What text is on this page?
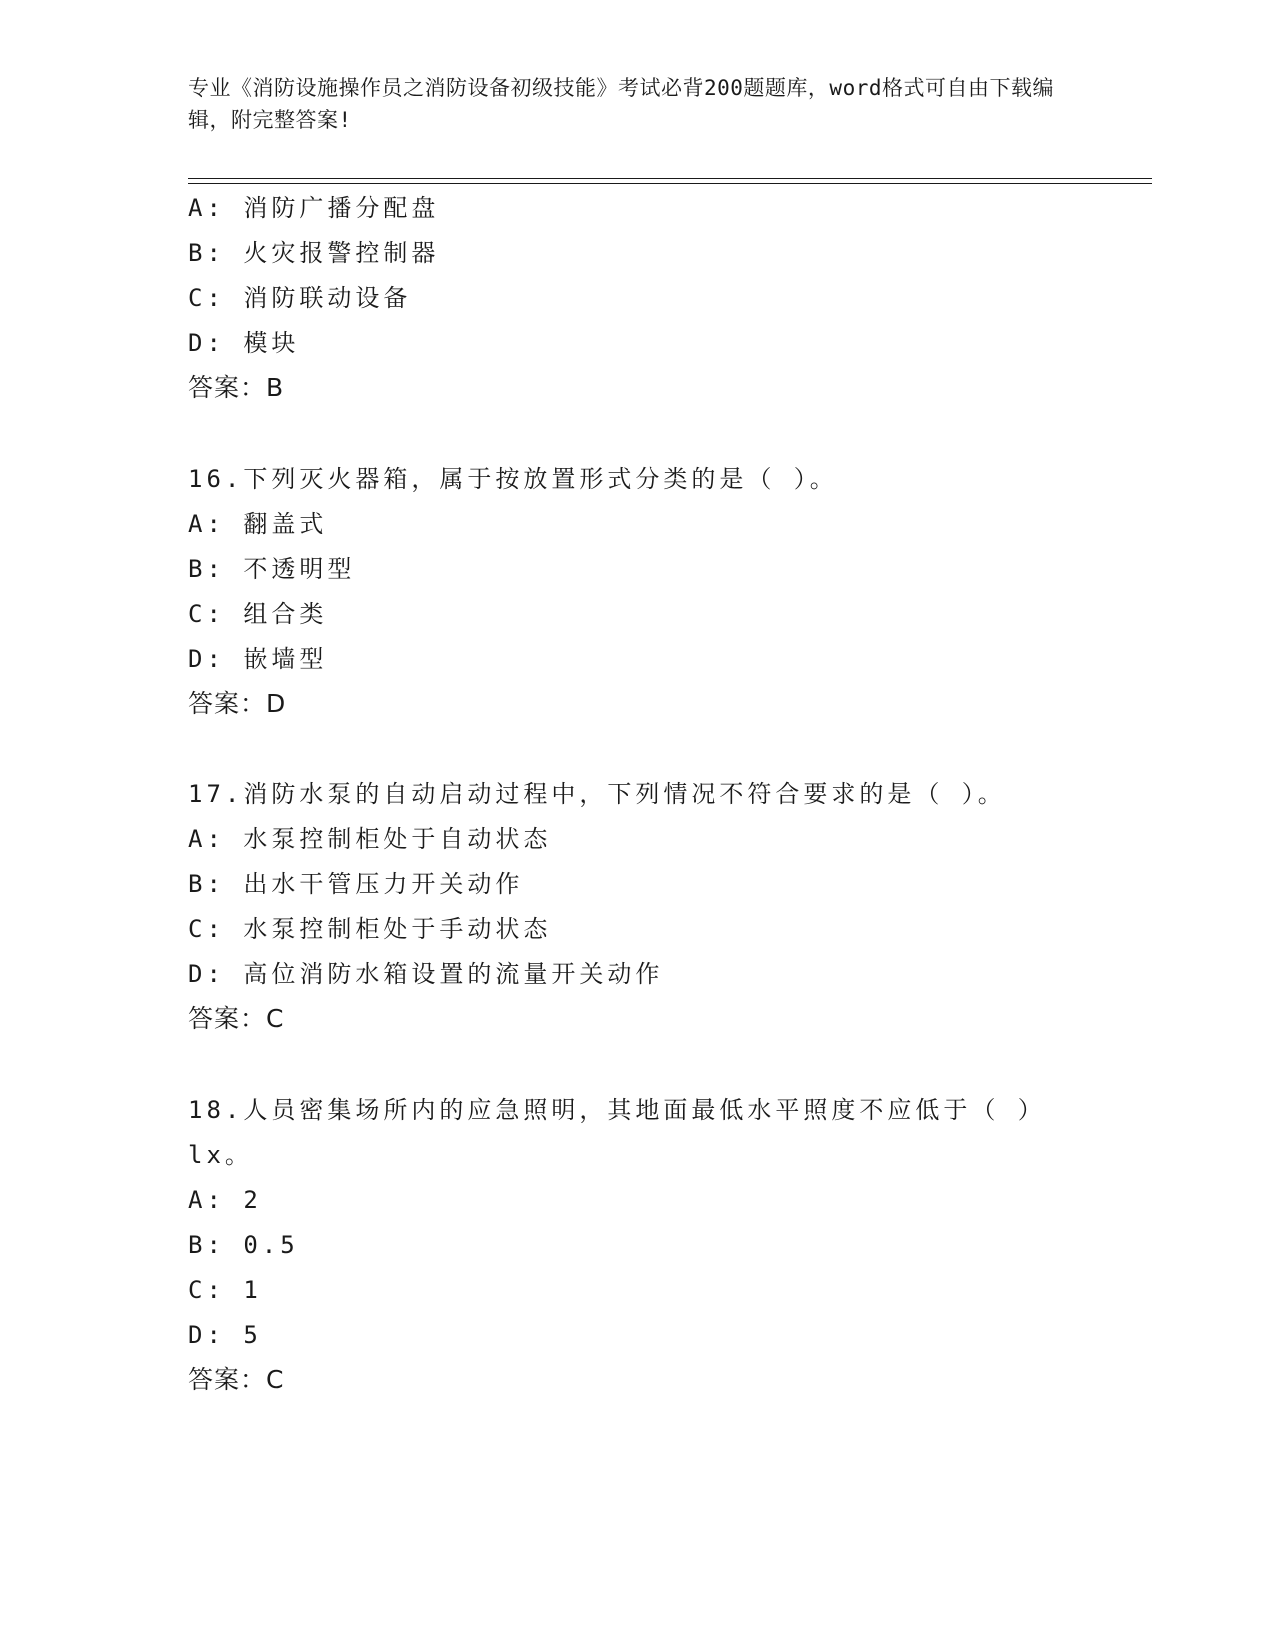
专业《消防设施操作员之消防设备初级技能》考试必背200题题库，word格式可自由下载编辑，附完整答案!
A: 消防广播分配盘
B: 火灾报警控制器
C: 消防联动设备
D: 模块
答案：B
16.下列灭火器箱，属于按放置形式分类的是（ ）。
A: 翻盖式
B: 不透明型
C: 组合类
D: 嵌墙型
答案：D
17.消防水泵的自动启动过程中，下列情况不符合要求的是（ ）。
A: 水泵控制柜处于自动状态
B: 出水干管压力开关动作
C: 水泵控制柜处于手动状态
D: 高位消防水箱设置的流量开关动作
答案：C
18.人员密集场所内的应急照明，其地面最低水平照度不应低于（ ）
lx。
A: 2
B: 0.5
C: 1
D: 5
答案：C
